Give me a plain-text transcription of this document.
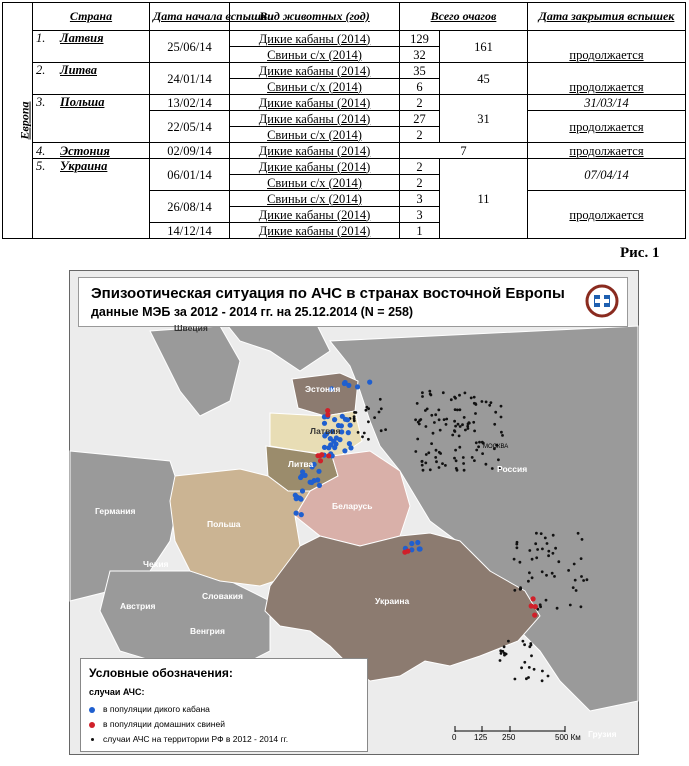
Европа	Страна	Дата начала вспышки	Вид животных (год)	Всего очагов		Дата закрытия вспышек
	1. Латвия	25/06/14	Дикие кабаны (2014)	129	161	продолжается
			Свиньи с/х (2014)	32		
	2. Литва	24/01/14	Дикие кабаны (2014)	35	45	продолжается
			Свиньи с/х (2014)	6		
	3. Польша	13/02/14	Дикие кабаны (2014)	2	31	31/03/14
		22/05/14	Дикие кабаны (2014)	27		продолжается
			Свиньи с/х (2014)	2		
	4. Эстония	02/09/14	Дикие кабаны (2014)	7		продолжается
	5. Украина	06/01/14	Дикие кабаны (2014)	2	11	07/04/14
			Свиньи с/х (2014)	2		
		26/08/14	Свиньи с/х (2014)	3		продолжается
			Дикие кабаны (2014)	3		
		14/12/14	Дикие кабаны (2014)	1		
Рис. 1
Эпизоотическая ситуация по АЧС в странах восточной Европы
данные МЭБ за 2012 - 2014 гг. на 25.12.2014 (N = 258)
Швеция
Эстония
Латвия
Литва
Беларусь
Россия
МОСКВА
Германия
Польша
Чехия
Словакия
Австрия
Венгрия
Украина
Грузия
Условные обозначения:
случаи АЧС:
в популяции дикого кабана
в популяции домашних свиней
случаи АЧС на территории РФ в 2012 - 2014 гг.	0 125 250	500 Км
